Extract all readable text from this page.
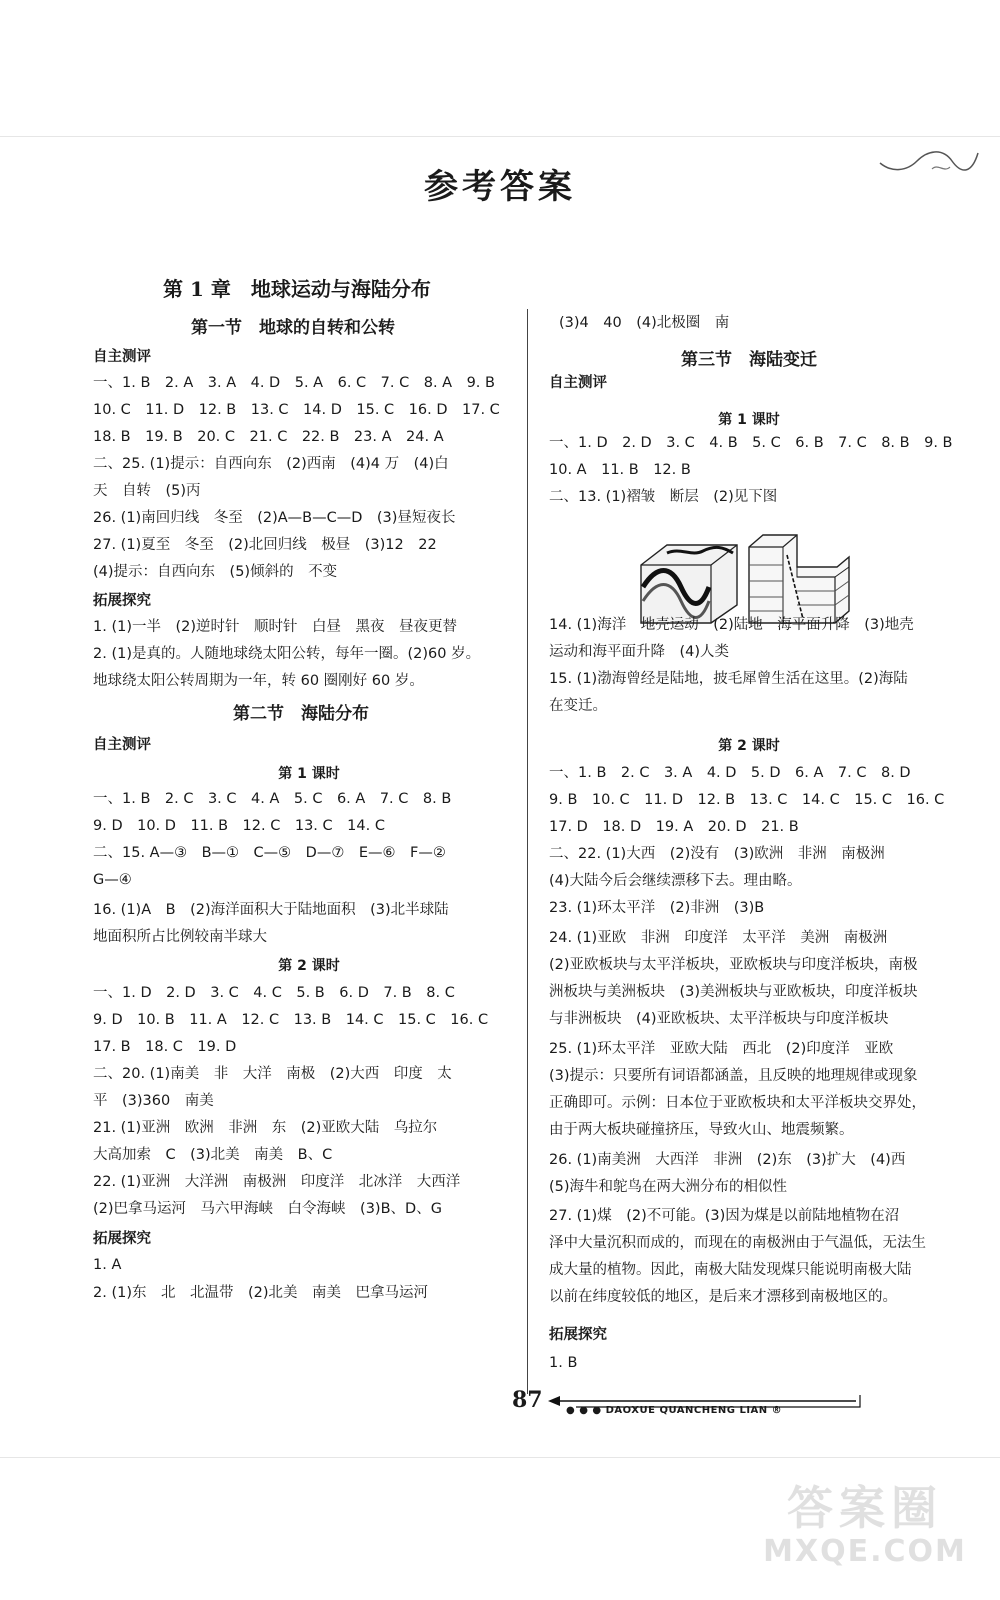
参考答案
第 1 章　地球运动与海陆分布
第一节　地球的自转和公转
自主测评
一、1. B　2. A　3. A　4. D　5. A　6. C　7. C　8. A　9. B
10. C　11. D　12. B　13. C　14. D　15. C　16. D　17. C
18. B　19. B　20. C　21. C　22. B　23. A　24. A
二、25. (1)提示：自西向东　(2)西南　(4)4 万　(4)白
天　自转　(5)丙
26. (1)南回归线　冬至　(2)A—B—C—D　(3)昼短夜长
27. (1)夏至　冬至　(2)北回归线　极昼　(3)12　22
(4)提示：自西向东　(5)倾斜的　不变
拓展探究
1. (1)一半　(2)逆时针　顺时针　白昼　黑夜　昼夜更替
2. (1)是真的。人随地球绕太阳公转，每年一圈。(2)60 岁。
地球绕太阳公转周期为一年，转 60 圈刚好 60 岁。
第二节　海陆分布
自主测评
第 1 课时
一、1. B　2. C　3. C　4. A　5. C　6. A　7. C　8. B
9. D　10. D　11. B　12. C　13. C　14. C
二、15. A—③　B—①　C—⑤　D—⑦　E—⑥　F—②
G—④
16. (1)A　B　(2)海洋面积大于陆地面积　(3)北半球陆
地面积所占比例较南半球大
第 2 课时
一、1. D　2. D　3. C　4. C　5. B　6. D　7. B　8. C
9. D　10. B　11. A　12. C　13. B　14. C　15. C　16. C
17. B　18. C　19. D
二、20. (1)南美　非　大洋　南极　(2)大西　印度　太
平　(3)360　南美
21. (1)亚洲　欧洲　非洲　东　(2)亚欧大陆　乌拉尔
大高加索　C　(3)北美　南美　B、C
22. (1)亚洲　大洋洲　南极洲　印度洋　北冰洋　大西洋
(2)巴拿马运河　马六甲海峡　白令海峡　(3)B、D、G
拓展探究
1. A
2. (1)东　北　北温带　(2)北美　南美　巴拿马运河
(3)4　40　(4)北极圈　南
第三节　海陆变迁
自主测评
第 1 课时
一、1. D　2. D　3. C　4. B　5. C　6. B　7. C　8. B　9. B
10. A　11. B　12. B
二、13. (1)褶皱　断层　(2)见下图
14. (1)海洋　地壳运动　(2)陆地　海平面升降　(3)地壳
运动和海平面升降　(4)人类
15. (1)渤海曾经是陆地，披毛犀曾生活在这里。(2)海陆
在变迁。
第 2 课时
一、1. B　2. C　3. A　4. D　5. D　6. A　7. C　8. D
9. B　10. C　11. D　12. B　13. C　14. C　15. C　16. C
17. D　18. D　19. A　20. D　21. B
二、22. (1)大西　(2)没有　(3)欧洲　非洲　南极洲
(4)大陆今后会继续漂移下去。理由略。
23. (1)环太平洋　(2)非洲　(3)B
24. (1)亚欧　非洲　印度洋　太平洋　美洲　南极洲
(2)亚欧板块与太平洋板块，亚欧板块与印度洋板块，南极
洲板块与美洲板块　(3)美洲板块与亚欧板块，印度洋板块
与非洲板块　(4)亚欧板块、太平洋板块与印度洋板块
25. (1)环太平洋　亚欧大陆　西北　(2)印度洋　亚欧
(3)提示：只要所有词语都涵盖，且反映的地理规律或现象
正确即可。示例：日本位于亚欧板块和太平洋板块交界处，
由于两大板块碰撞挤压，导致火山、地震频繁。
26. (1)南美洲　大西洋　非洲　(2)东　(3)扩大　(4)西
(5)海牛和鸵鸟在两大洲分布的相似性
27. (1)煤　(2)不可能。(3)因为煤是以前陆地植物在沼
泽中大量沉积而成的，而现在的南极洲由于气温低，无法生
成大量的植物。因此，南极大陆发现煤只能说明南极大陆
以前在纬度较低的地区，是后来才漂移到南极地区的。
拓展探究
1. B
87 ● ● ● DAOXUE QUANCHENG LIAN ®
答案圈
MXQE.COM
